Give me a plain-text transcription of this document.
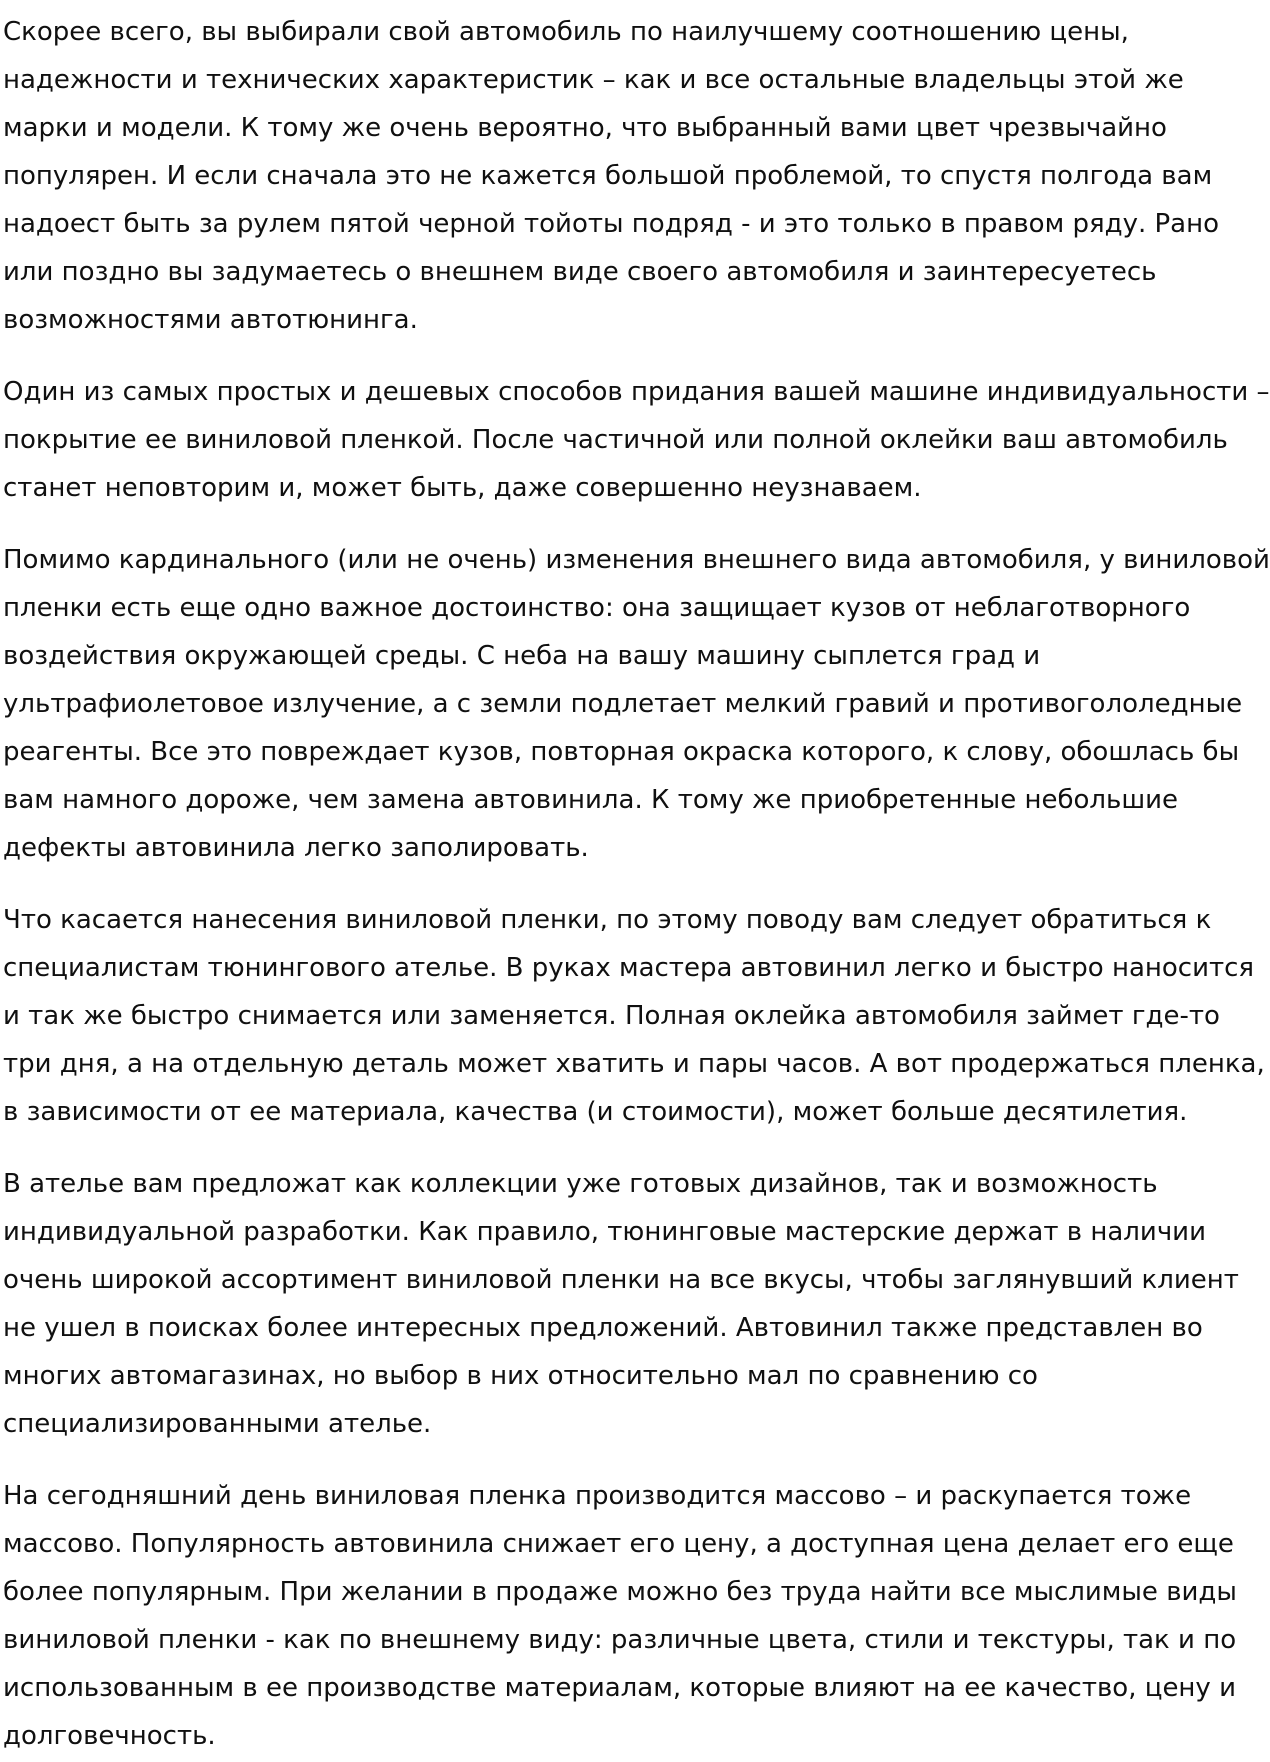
Скорее всего, вы выбирали свой автомобиль по наилучшему соотношению цены,
надежности и технических характеристик – как и все остальные владельцы этой же
марки и модели. К тому же очень вероятно, что выбранный вами цвет чрезвычайно
популярен. И если сначала это не кажется большой проблемой, то спустя полгода вам
надоест быть за рулем пятой черной тойоты подряд - и это только в правом ряду. Рано
или поздно вы задумаетесь о внешнем виде своего автомобиля и заинтересуетесь
возможностями автотюнинга.
Один из самых простых и дешевых способов придания вашей машине индивидуальности –
покрытие ее виниловой пленкой. После частичной или полной оклейки ваш автомобиль
станет неповторим и, может быть, даже совершенно неузнаваем.
Помимо кардинального (или не очень) изменения внешнего вида автомобиля, у виниловой
пленки есть еще одно важное достоинство: она защищает кузов от неблаготворного
воздействия окружающей среды. С неба на вашу машину сыплется град и
ультрафиолетовое излучение, а с земли подлетает мелкий гравий и противогололедные
реагенты. Все это повреждает кузов, повторная окраска которого, к слову, обошлась бы
вам намного дороже, чем замена автовинила. К тому же приобретенные небольшие
дефекты автовинила легко заполировать.
Что касается нанесения виниловой пленки, по этому поводу вам следует обратиться к
специалистам тюнингового ателье. В руках мастера автовинил легко и быстро наносится
и так же быстро снимается или заменяется. Полная оклейка автомобиля займет где-то
три дня, а на отдельную деталь может хватить и пары часов. А вот продержаться пленка,
в зависимости от ее материала, качества (и стоимости), может больше десятилетия.
В ателье вам предложат как коллекции уже готовых дизайнов, так и возможность
индивидуальной разработки. Как правило, тюнинговые мастерские держат в наличии
очень широкой ассортимент виниловой пленки на все вкусы, чтобы заглянувший клиент
не ушел в поисках более интересных предложений. Автовинил также представлен во
многих автомагазинах, но выбор в них относительно мал по сравнению со
специализированными ателье.
На сегодняшний день виниловая пленка производится массово – и раскупается тоже
массово. Популярность автовинила снижает его цену, а доступная цена делает его еще
более популярным. При желании в продаже можно без труда найти все мыслимые виды
виниловой пленки - как по внешнему виду: различные цвета, стили и текстуры, так и по
использованным в ее производстве материалам, которые влияют на ее качество, цену и
долговечность.
